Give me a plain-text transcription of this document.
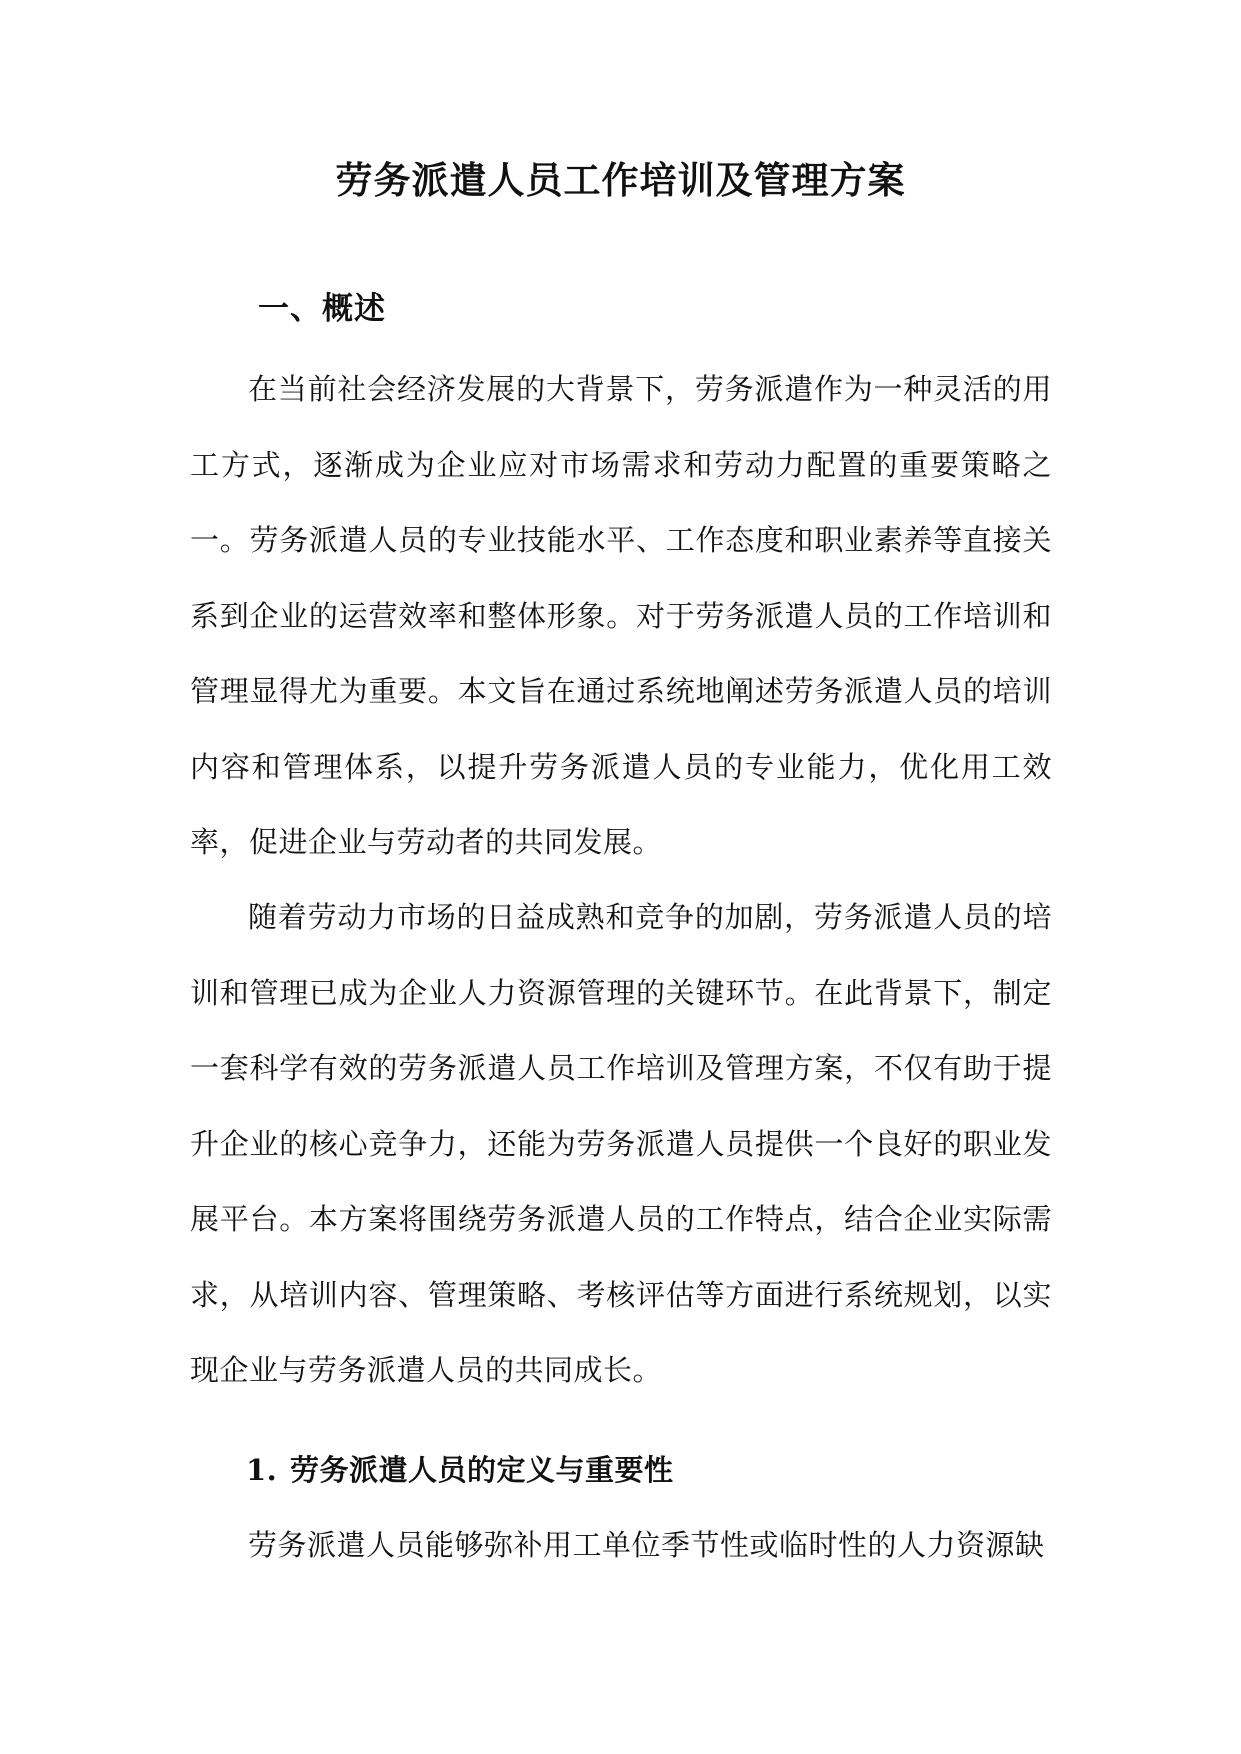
劳务派遣人员工作培训及管理方案
一、概述

在当前社会经济发展的大背景下，劳务派遣作为一种灵活的用工方式，逐渐成为企业应对市场需求和劳动力配置的重要策略之一。劳务派遣人员的专业技能水平、工作态度和职业素养等直接关系到企业的运营效率和整体形象。对于劳务派遣人员的工作培训和管理显得尤为重要。本文旨在通过系统地阐述劳务派遣人员的培训内容和管理体系，以提升劳务派遣人员的专业能力，优化用工效率，促进企业与劳动者的共同发展。

随着劳动力市场的日益成熟和竞争的加剧，劳务派遣人员的培训和管理已成为企业人力资源管理的关键环节。在此背景下，制定一套科学有效的劳务派遣人员工作培训及管理方案，不仅有助于提升企业的核心竞争力，还能为劳务派遣人员提供一个良好的职业发展平台。本方案将围绕劳务派遣人员的工作特点，结合企业实际需求，从培训内容、管理策略、考核评估等方面进行系统规划，以实现企业与劳务派遣人员的共同成长。

1. 劳务派遣人员的定义与重要性

劳务派遣人员能够弥补用工单位季节性或临时性的人力资源缺
